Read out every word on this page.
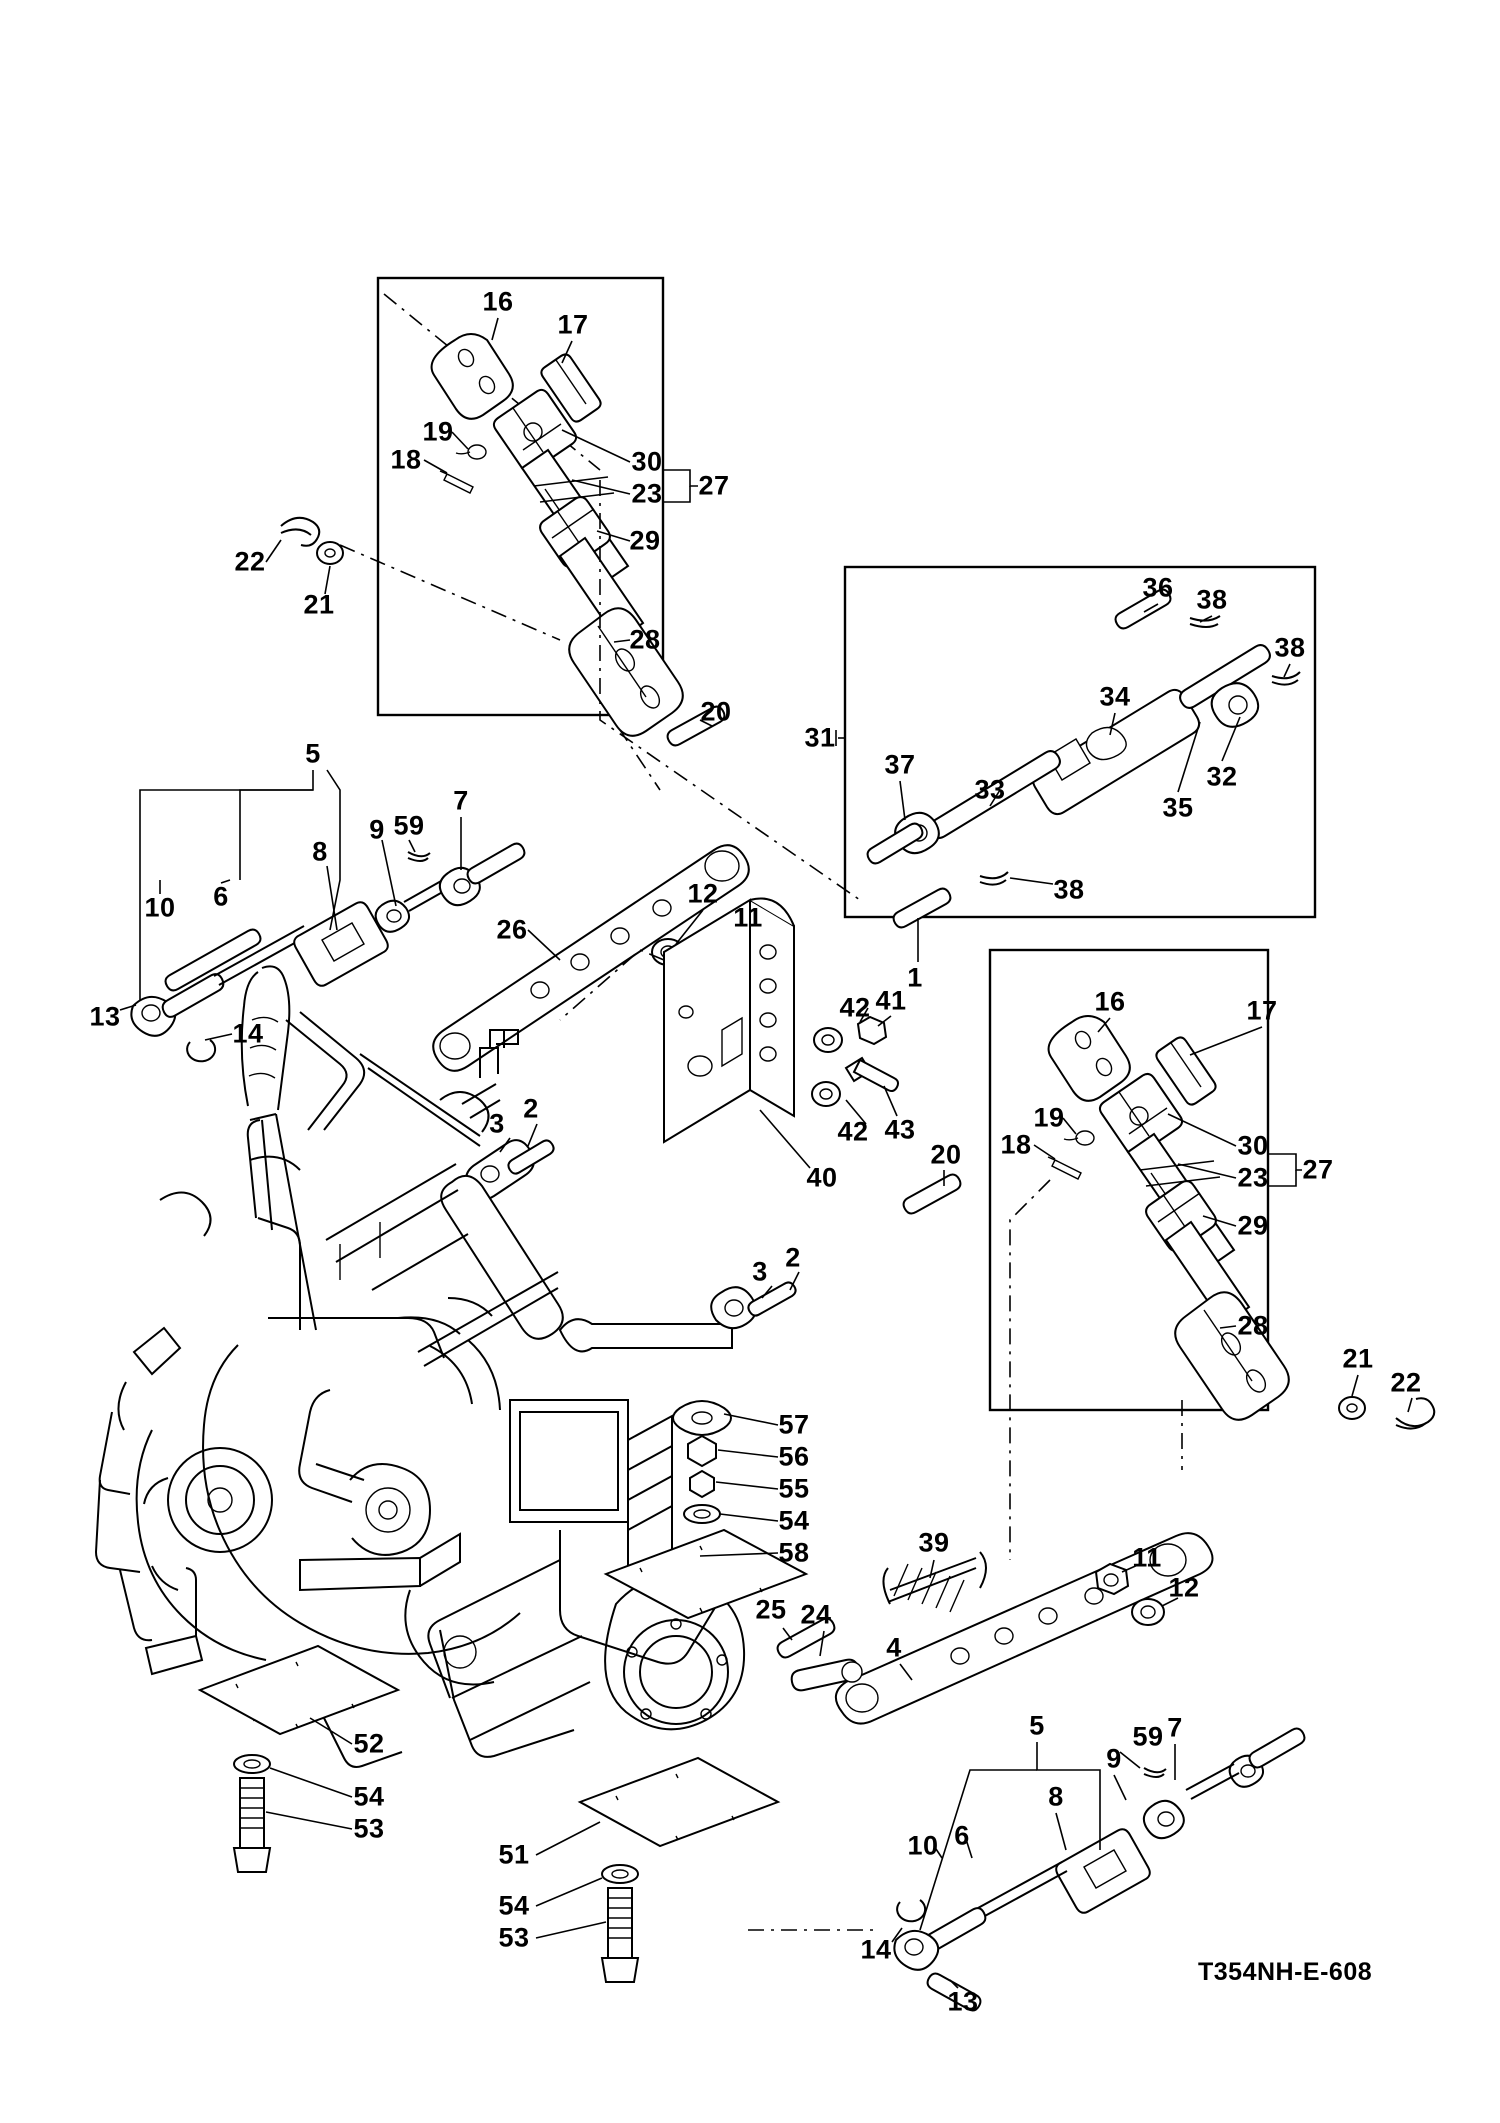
16
17
19
18	30
23 27
29
22
21
28
20
36 38
38
34
31
37
33	32
35
38
5
7
9 59
8
10 6
13
14
26
12
11
1
42 41
42 43
40
20
16	17
19
18	30
23 27
29
28
21
22
3 2
3 2
57
56
55
54
58	39	11
12
25 24
4
5	7
9
59
8
10 6
14
13
52
54
53
51
54
53
T354NH-E-608
